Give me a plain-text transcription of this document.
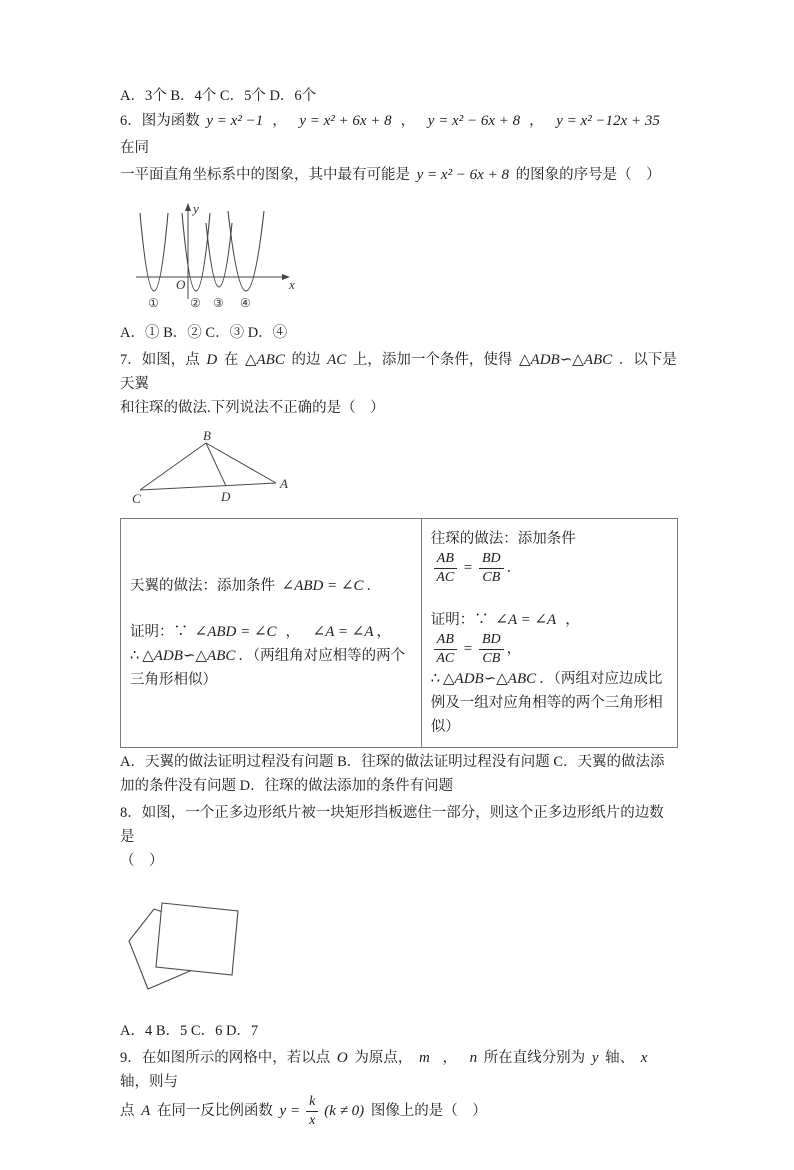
A．3个 B．4个 C．5个 D．6个

6．图为函数 y = x² −1 ， y = x² + 6x + 8 ， y = x² − 6x + 8 ， y = x² −12x + 35 在同

一平面直角坐标系中的图象，其中最有可能是 y = x² − 6x + 8 的图象的序号是（　）

y
x
O
①	② ③ ④

A．① B．② C．③ D．④

7．如图，点 D 在 △ABC 的边 AC 上，添加一个条件，使得 △ADB∽△ABC ．以下是天翼

和往琛的做法.下列说法不正确的是（　）

B
C	D
A

天翼的做法：添加条件 ∠ABD = ∠C ．

证明：∵ ∠ABD = ∠C ， ∠A = ∠A ，

∴ △ADB∽△ABC ．（两组角对应相等的两个三角形相似）

往琛的做法：添加条件
$\frac{AB}{AC} = \frac{BD}{CB}$ ．

证明：∵ ∠A = ∠A ，
$\frac{AB}{AC} = \frac{BD}{CB}$ ，

∴ △ADB∽△ABC ．（两组对应边成比例及一组对应角相等的两个三角形相似）

A．天翼的做法证明过程没有问题 B．往琛的做法证明过程没有问题 C．天翼的做法添

加的条件没有问题 D．往琛的做法添加的条件有问题

8．如图，一个正多边形纸片被一块矩形挡板遮住一部分，则这个正多边形纸片的边数是

（　）

A．4 B．5 C．6 D．7

9．在如图所示的网格中，若以点 O 为原点， m ， n 所在直线分别为 y 轴、 x 轴，则与

点 A 在同一反比例函数 $y = \frac{k}{x} (k \ne 0)$ 图像上的是（　）
